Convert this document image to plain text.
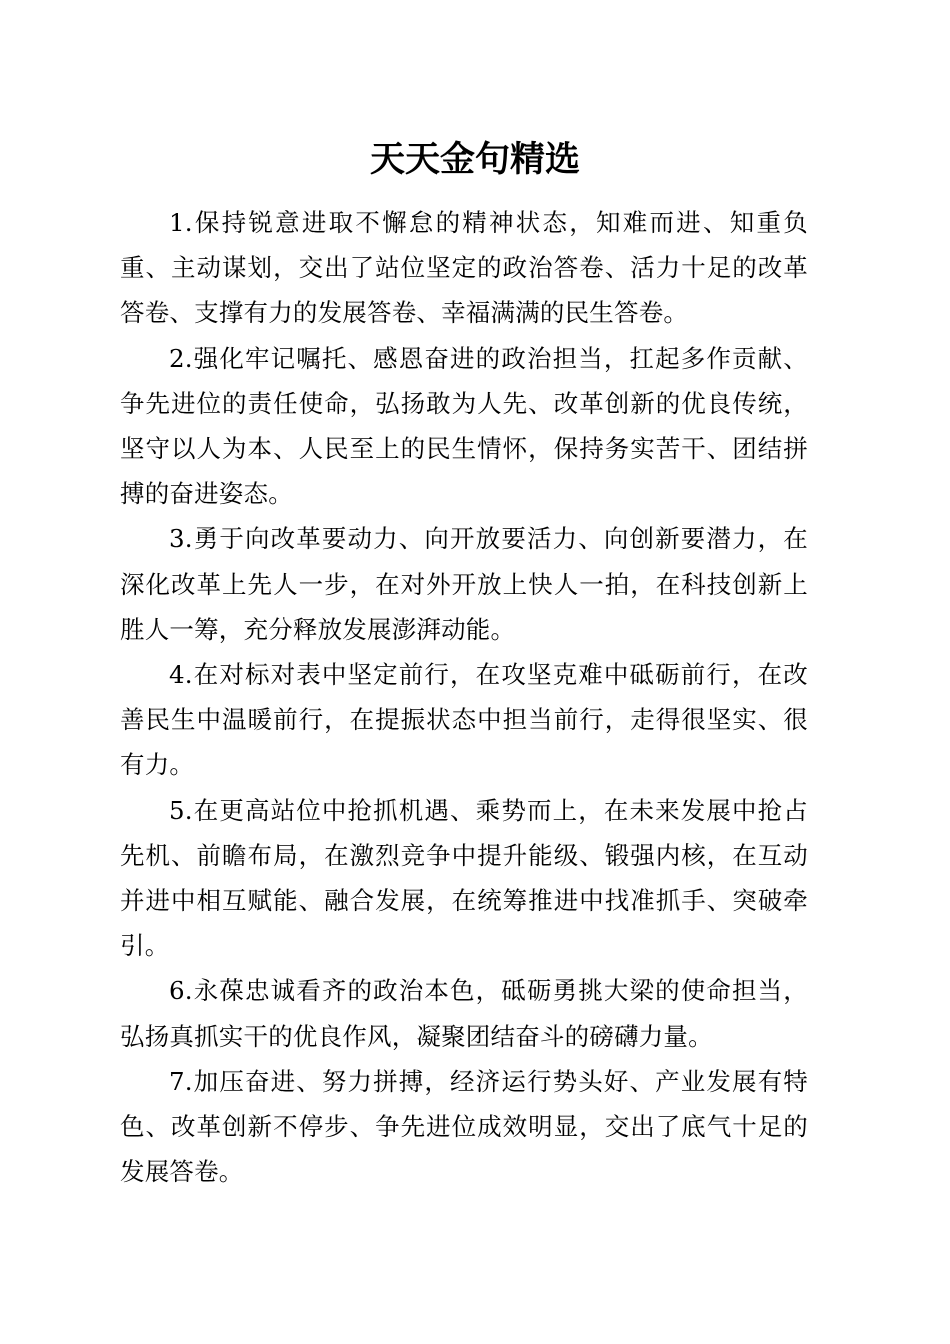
天天金句精选

1.保持锐意进取不懈怠的精神状态，知难而进、知重负重、主动谋划，交出了站位坚定的政治答卷、活力十足的改革答卷、支撑有力的发展答卷、幸福满满的民生答卷。

2.强化牢记嘱托、感恩奋进的政治担当，扛起多作贡献、争先进位的责任使命，弘扬敢为人先、改革创新的优良传统，坚守以人为本、人民至上的民生情怀，保持务实苦干、团结拼搏的奋进姿态。

3.勇于向改革要动力、向开放要活力、向创新要潜力，在深化改革上先人一步，在对外开放上快人一拍，在科技创新上胜人一筹，充分释放发展澎湃动能。

4.在对标对表中坚定前行，在攻坚克难中砥砺前行，在改善民生中温暖前行，在提振状态中担当前行，走得很坚实、很有力。

5.在更高站位中抢抓机遇、乘势而上，在未来发展中抢占先机、前瞻布局，在激烈竞争中提升能级、锻强内核，在互动并进中相互赋能、融合发展，在统筹推进中找准抓手、突破牵引。

6.永葆忠诚看齐的政治本色，砥砺勇挑大梁的使命担当，弘扬真抓实干的优良作风，凝聚团结奋斗的磅礴力量。

7.加压奋进、努力拼搏，经济运行势头好、产业发展有特色、改革创新不停步、争先进位成效明显，交出了底气十足的发展答卷。
